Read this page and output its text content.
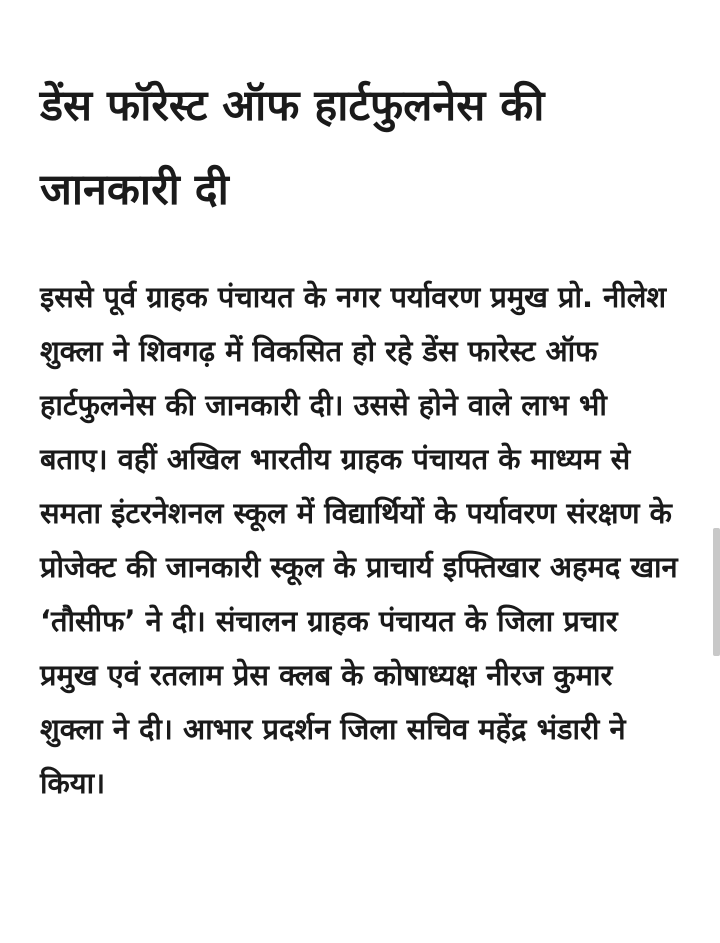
डेंस फॉरेस्ट ऑफ हार्टफुलनेस की जानकारी दी

इससे पूर्व ग्राहक पंचायत के नगर पर्यावरण प्रमुख प्रो. नीलेश शुक्ला ने शिवगढ़ में विकसित हो रहे डेंस फारेस्ट ऑफ हार्टफुलनेस की जानकारी दी। उससे होने वाले लाभ भी बताए। वहीं अखिल भारतीय ग्राहक पंचायत के माध्यम से समता इंटरनेशनल स्कूल में विद्यार्थियों के पर्यावरण संरक्षण के प्रोजेक्ट की जानकारी स्कूल के प्राचार्य इफ्तिखार अहमद खान ‘तौसीफ’ ने दी। संचालन ग्राहक पंचायत के जिला प्रचार प्रमुख एवं रतलाम प्रेस क्लब के कोषाध्यक्ष नीरज कुमार शुक्ला ने दी। आभार प्रदर्शन जिला सचिव महेंद्र भंडारी ने किया।
